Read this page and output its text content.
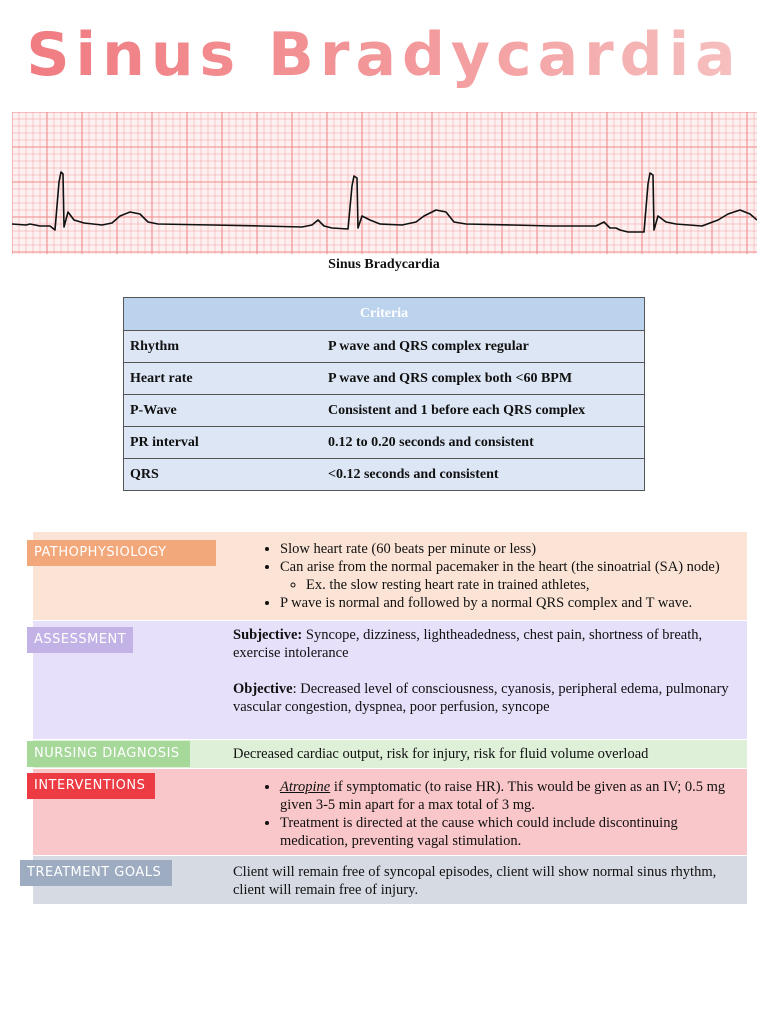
Sinus Bradycardia
Sinus Bradycardia
Criteria	
Rhythm	P wave and QRS complex regular
Heart rate	P wave and QRS complex both <60 BPM
P-Wave	Consistent and 1 before each QRS complex
PR interval	0.12 to 0.20 seconds and consistent
QRS	<0.12 seconds and consistent
PATHOPHYSIOLOGY	• Slow heart rate (60 beats per minute or less)
• Can arise from the normal pacemaker in the heart (the sinoatrial (SA) node)
◦ Ex. the slow resting heart rate in trained athletes,
• P wave is normal and followed by a normal QRS complex and T wave.
ASSESSMENT	Subjective: Syncope, dizziness, lightheadedness, chest pain, shortness of breath, exercise intolerance

Objective: Decreased level of consciousness, cyanosis, peripheral edema, pulmonary vascular congestion, dyspnea, poor perfusion, syncope

NURSING DIAGNOSIS	Decreased cardiac output, risk for injury, risk for fluid volume overload
INTERVENTIONS	• Atropine if symptomatic (to raise HR). This would be given as an IV; 0.5 mg given 3-5 min apart for a max total of 3 mg.
• Treatment is directed at the cause which could include discontinuing medication, preventing vagal stimulation.
TREATMENT GOALS	Client will remain free of syncopal episodes, client will show normal sinus rhythm, client will remain free of injury.
